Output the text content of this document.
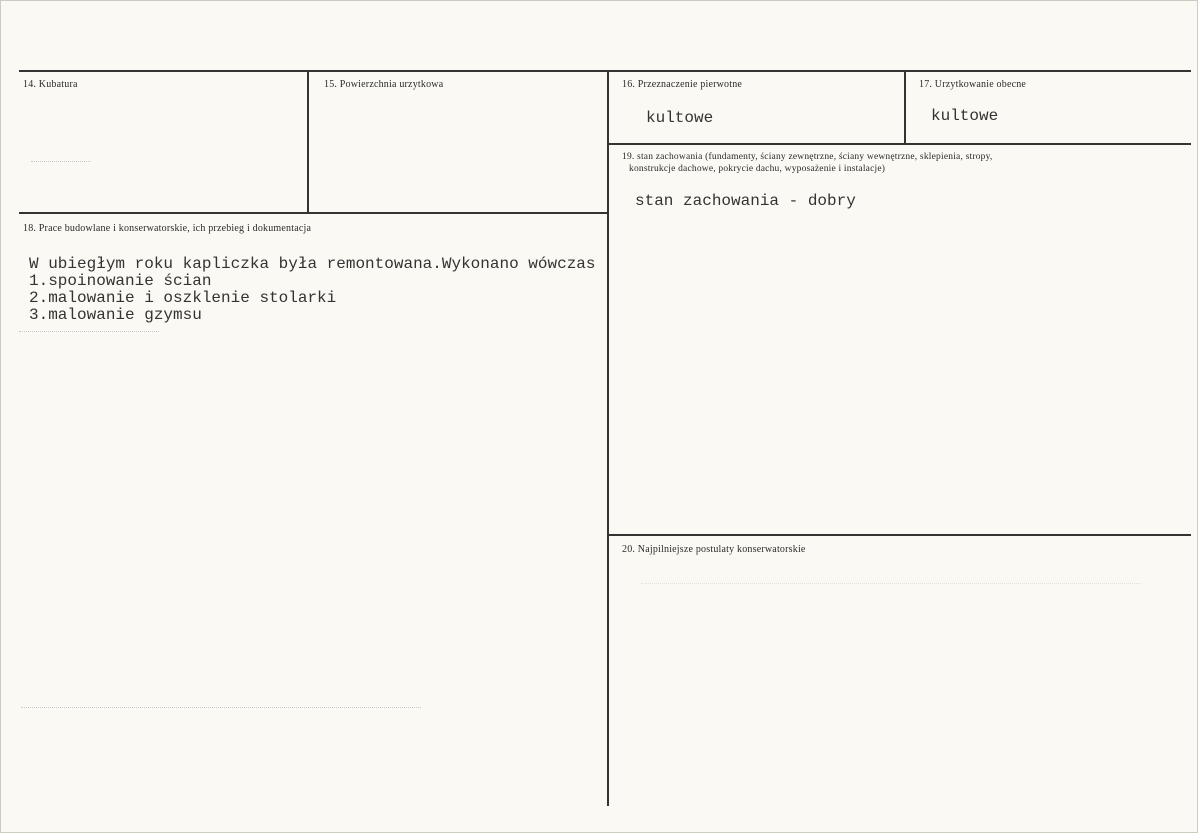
14. Kubatura	15. Powierzchnia urzytkowa	16. Przeznaczenie pierwotne
kultowe
17. Urzytkowanie obecne
kultowe
19. stan zachowania (fundamenty, ściany zewnętrzne, ściany wewnętrzne, sklepienia, stropy,
konstrukcje dachowe, pokrycie dachu, wyposażenie i instalacje)
stan zachowania - dobry
18. Prace budowlane i konserwatorskie, ich przebieg i dokumentacja
W ubiegłym roku kapliczka była remontowana.Wykonano wówczas
1.spoinowanie ścian
2.malowanie i oszklenie stolarki
3.malowanie gzymsu
20. Najpilniejsze postulaty konserwatorskie
